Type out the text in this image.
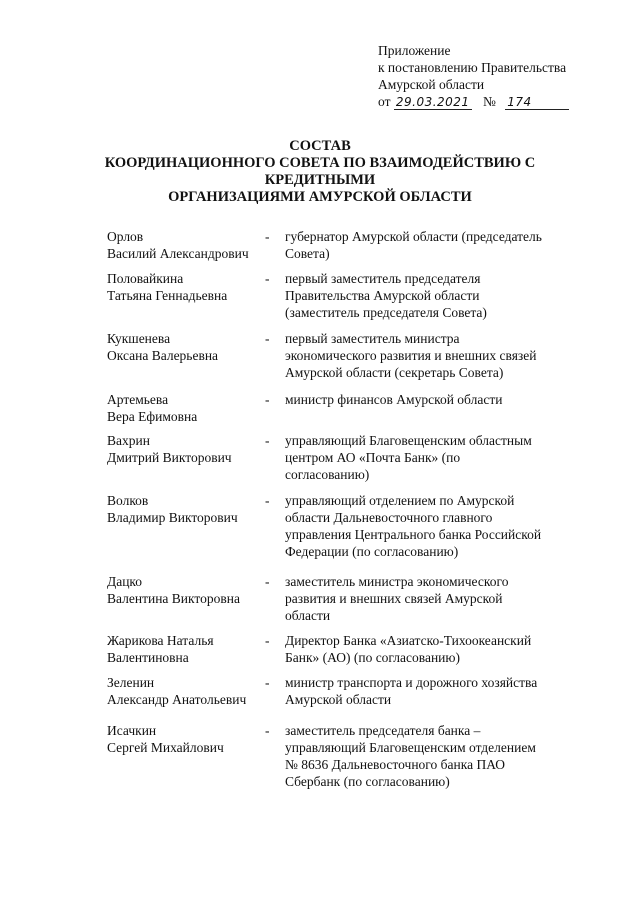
Приложение
к постановлению Правительства
Амурской области
от 29.03.2021 № 174
СОСТАВ
КООРДИНАЦИОННОГО СОВЕТА ПО ВЗАИМОДЕЙСТВИЮ С
КРЕДИТНЫМИ
ОРГАНИЗАЦИЯМИ АМУРСКОЙ ОБЛАСТИ
Орлов
Василий Александрович
- губернатор Амурской области (председатель
Совета)
Половайкина
Татьяна Геннадьевна
- первый заместитель председателя
Правительства Амурской области
(заместитель председателя Совета)
Кукшенева
Оксана Валерьевна
- первый заместитель министра
экономического развития и внешних связей
Амурской области (секретарь Совета)
Артемьева
Вера Ефимовна
- министр финансов Амурской области
Вахрин
Дмитрий Викторович
- управляющий Благовещенским областным
центром АО «Почта Банк» (по
согласованию)
Волков
Владимир Викторович
- управляющий отделением по Амурской
области Дальневосточного главного
управления Центрального банка Российской
Федерации (по согласованию)
Дацко
Валентина Викторовна
- заместитель министра экономического
развития и внешних связей Амурской
области
Жарикова Наталья
Валентиновна
- Директор Банка «Азиатско-Тихоокеанский
Банк» (АО) (по согласованию)
Зеленин
Александр Анатольевич
- министр транспорта и дорожного хозяйства
Амурской области
Исачкин
Сергей Михайлович
- заместитель председателя банка –
управляющий Благовещенским отделением
№ 8636 Дальневосточного банка ПАО
Сбербанк (по согласованию)
